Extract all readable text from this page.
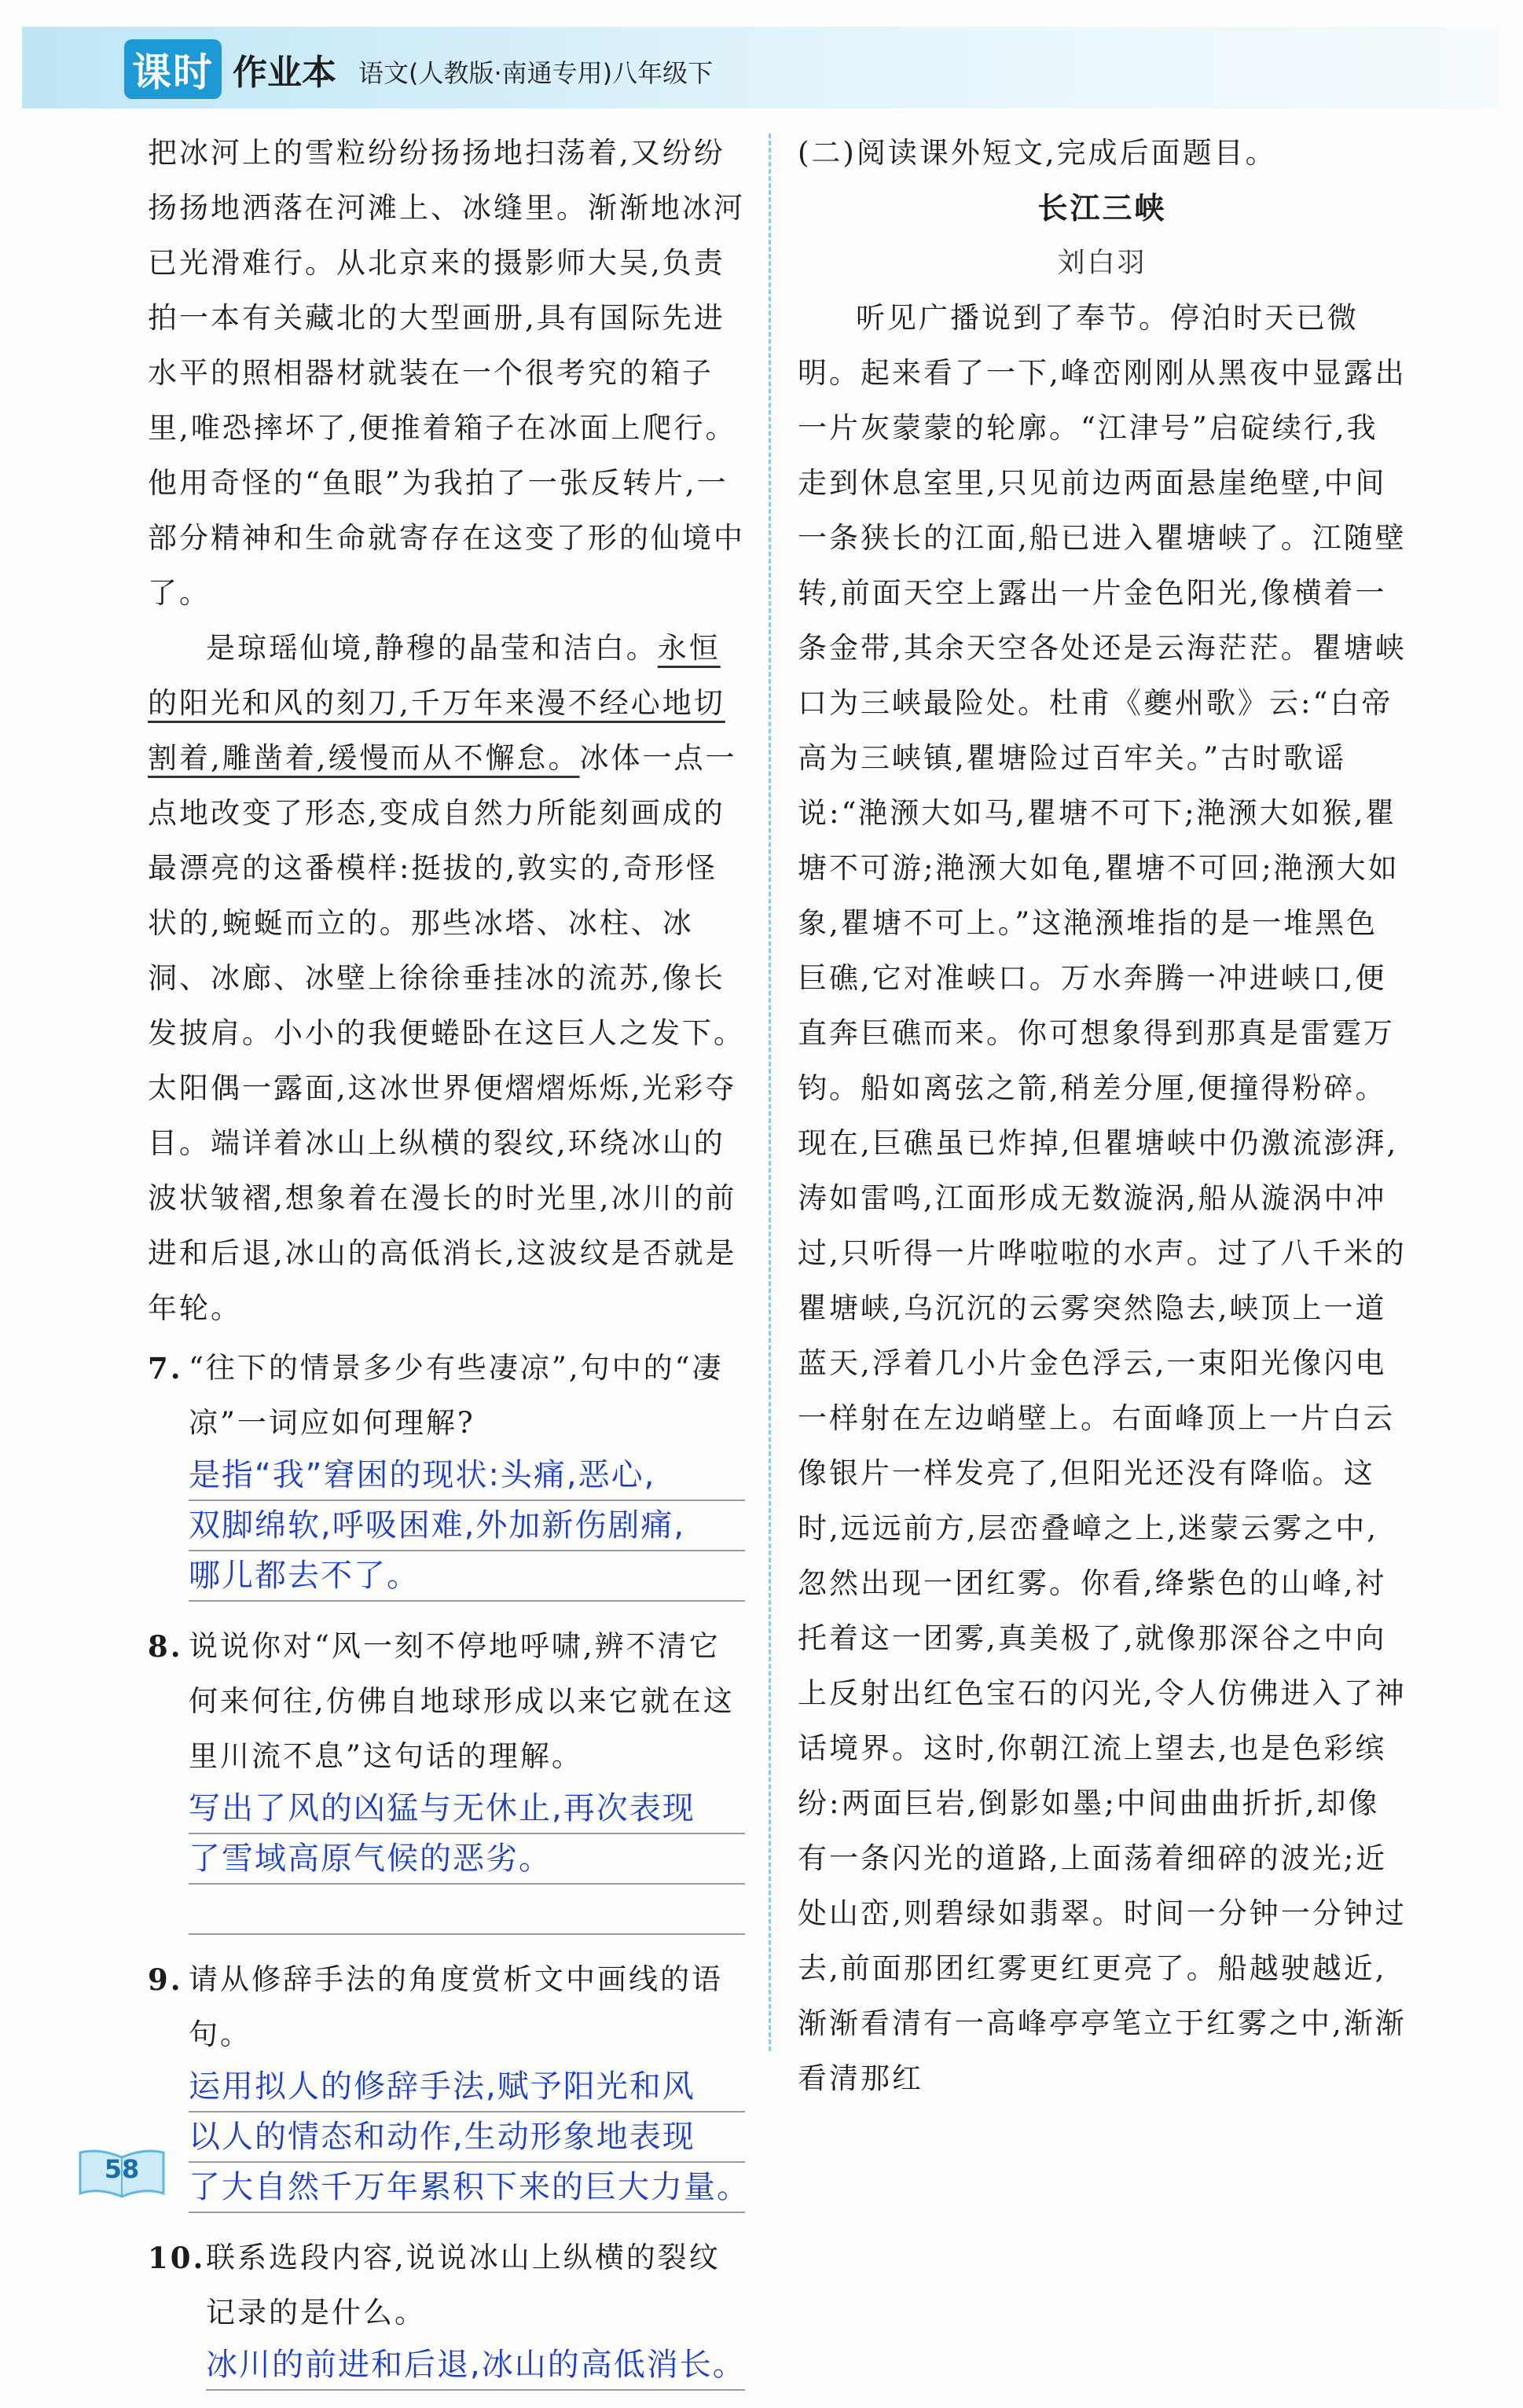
课时 作业本 语文(人教版·南通专用)八年级下

把冰河上的雪粒纷纷扬扬地扫荡着,又纷纷扬扬地洒落在河滩上、冰缝里。渐渐地冰河已光滑难行。从北京来的摄影师大吴,负责拍一本有关藏北的大型画册,具有国际先进水平的照相器材就装在一个很考究的箱子里,唯恐摔坏了,便推着箱子在冰面上爬行。他用奇怪的“鱼眼”为我拍了一张反转片,一部分精神和生命就寄存在这变了形的仙境中了。

是琼瑶仙境,静穆的晶莹和洁白。永恒的阳光和风的刻刀,千万年来漫不经心地切割着,雕凿着,缓慢而从不懈怠。冰体一点一点地改变了形态,变成自然力所能刻画成的最漂亮的这番模样:挺拔的,敦实的,奇形怪状的,蜿蜒而立的。那些冰塔、冰柱、冰洞、冰廊、冰壁上徐徐垂挂冰的流苏,像长发披肩。小小的我便蜷卧在这巨人之发下。太阳偶一露面,这冰世界便熠熠烁烁,光彩夺目。端详着冰山上纵横的裂纹,环绕冰山的波状皱褶,想象着在漫长的时光里,冰川的前进和后退,冰山的高低消长,这波纹是否就是年轮。

7. “往下的情景多少有些凄凉”,句中的“凄凉”一词应如何理解?
是指“我”窘困的现状:头痛,恶心,
双脚绵软,呼吸困难,外加新伤剧痛,
哪儿都去不了。
8. 说说你对“风一刻不停地呼啸,辨不清它何来何往,仿佛自地球形成以来它就在这里川流不息”这句话的理解。
写出了风的凶猛与无休止,再次表现
了雪域高原气候的恶劣。

9. 请从修辞手法的角度赏析文中画线的语句。
运用拟人的修辞手法,赋予阳光和风
以人的情态和动作,生动形象地表现
了大自然千万年累积下来的巨大力量。
10. 联系选段内容,说说冰山上纵横的裂纹记录的是什么。
冰川的前进和后退,冰山的高低消长。

(二)阅读课外短文,完成后面题目。

长江三峡
刘白羽

听见广播说到了奉节。停泊时天已微明。起来看了一下,峰峦刚刚从黑夜中显露出一片灰蒙蒙的轮廓。“江津号”启碇续行,我走到休息室里,只见前边两面悬崖绝壁,中间一条狭长的江面,船已进入瞿塘峡了。江随壁转,前面天空上露出一片金色阳光,像横着一条金带,其余天空各处还是云海茫茫。瞿塘峡口为三峡最险处。杜甫《夔州歌》云:“白帝高为三峡镇,瞿塘险过百牢关。”古时歌谣说:“滟滪大如马,瞿塘不可下;滟滪大如猴,瞿塘不可游;滟滪大如龟,瞿塘不可回;滟滪大如象,瞿塘不可上。”这滟滪堆指的是一堆黑色巨礁,它对准峡口。万水奔腾一冲进峡口,便直奔巨礁而来。你可想象得到那真是雷霆万钧。船如离弦之箭,稍差分厘,便撞得粉碎。现在,巨礁虽已炸掉,但瞿塘峡中仍激流澎湃,涛如雷鸣,江面形成无数漩涡,船从漩涡中冲过,只听得一片哗啦啦的水声。过了八千米的瞿塘峡,乌沉沉的云雾突然隐去,峡顶上一道蓝天,浮着几小片金色浮云,一束阳光像闪电一样射在左边峭壁上。右面峰顶上一片白云像银片一样发亮了,但阳光还没有降临。这时,远远前方,层峦叠嶂之上,迷蒙云雾之中,忽然出现一团红雾。你看,绛紫色的山峰,衬托着这一团雾,真美极了,就像那深谷之中向上反射出红色宝石的闪光,令人仿佛进入了神话境界。这时,你朝江流上望去,也是色彩缤纷:两面巨岩,倒影如墨;中间曲曲折折,却像有一条闪光的道路,上面荡着细碎的波光;近处山峦,则碧绿如翡翠。时间一分钟一分钟过去,前面那团红雾更红更亮了。船越驶越近,渐渐看清有一高峰亭亭笔立于红雾之中,渐渐看清那红

58
